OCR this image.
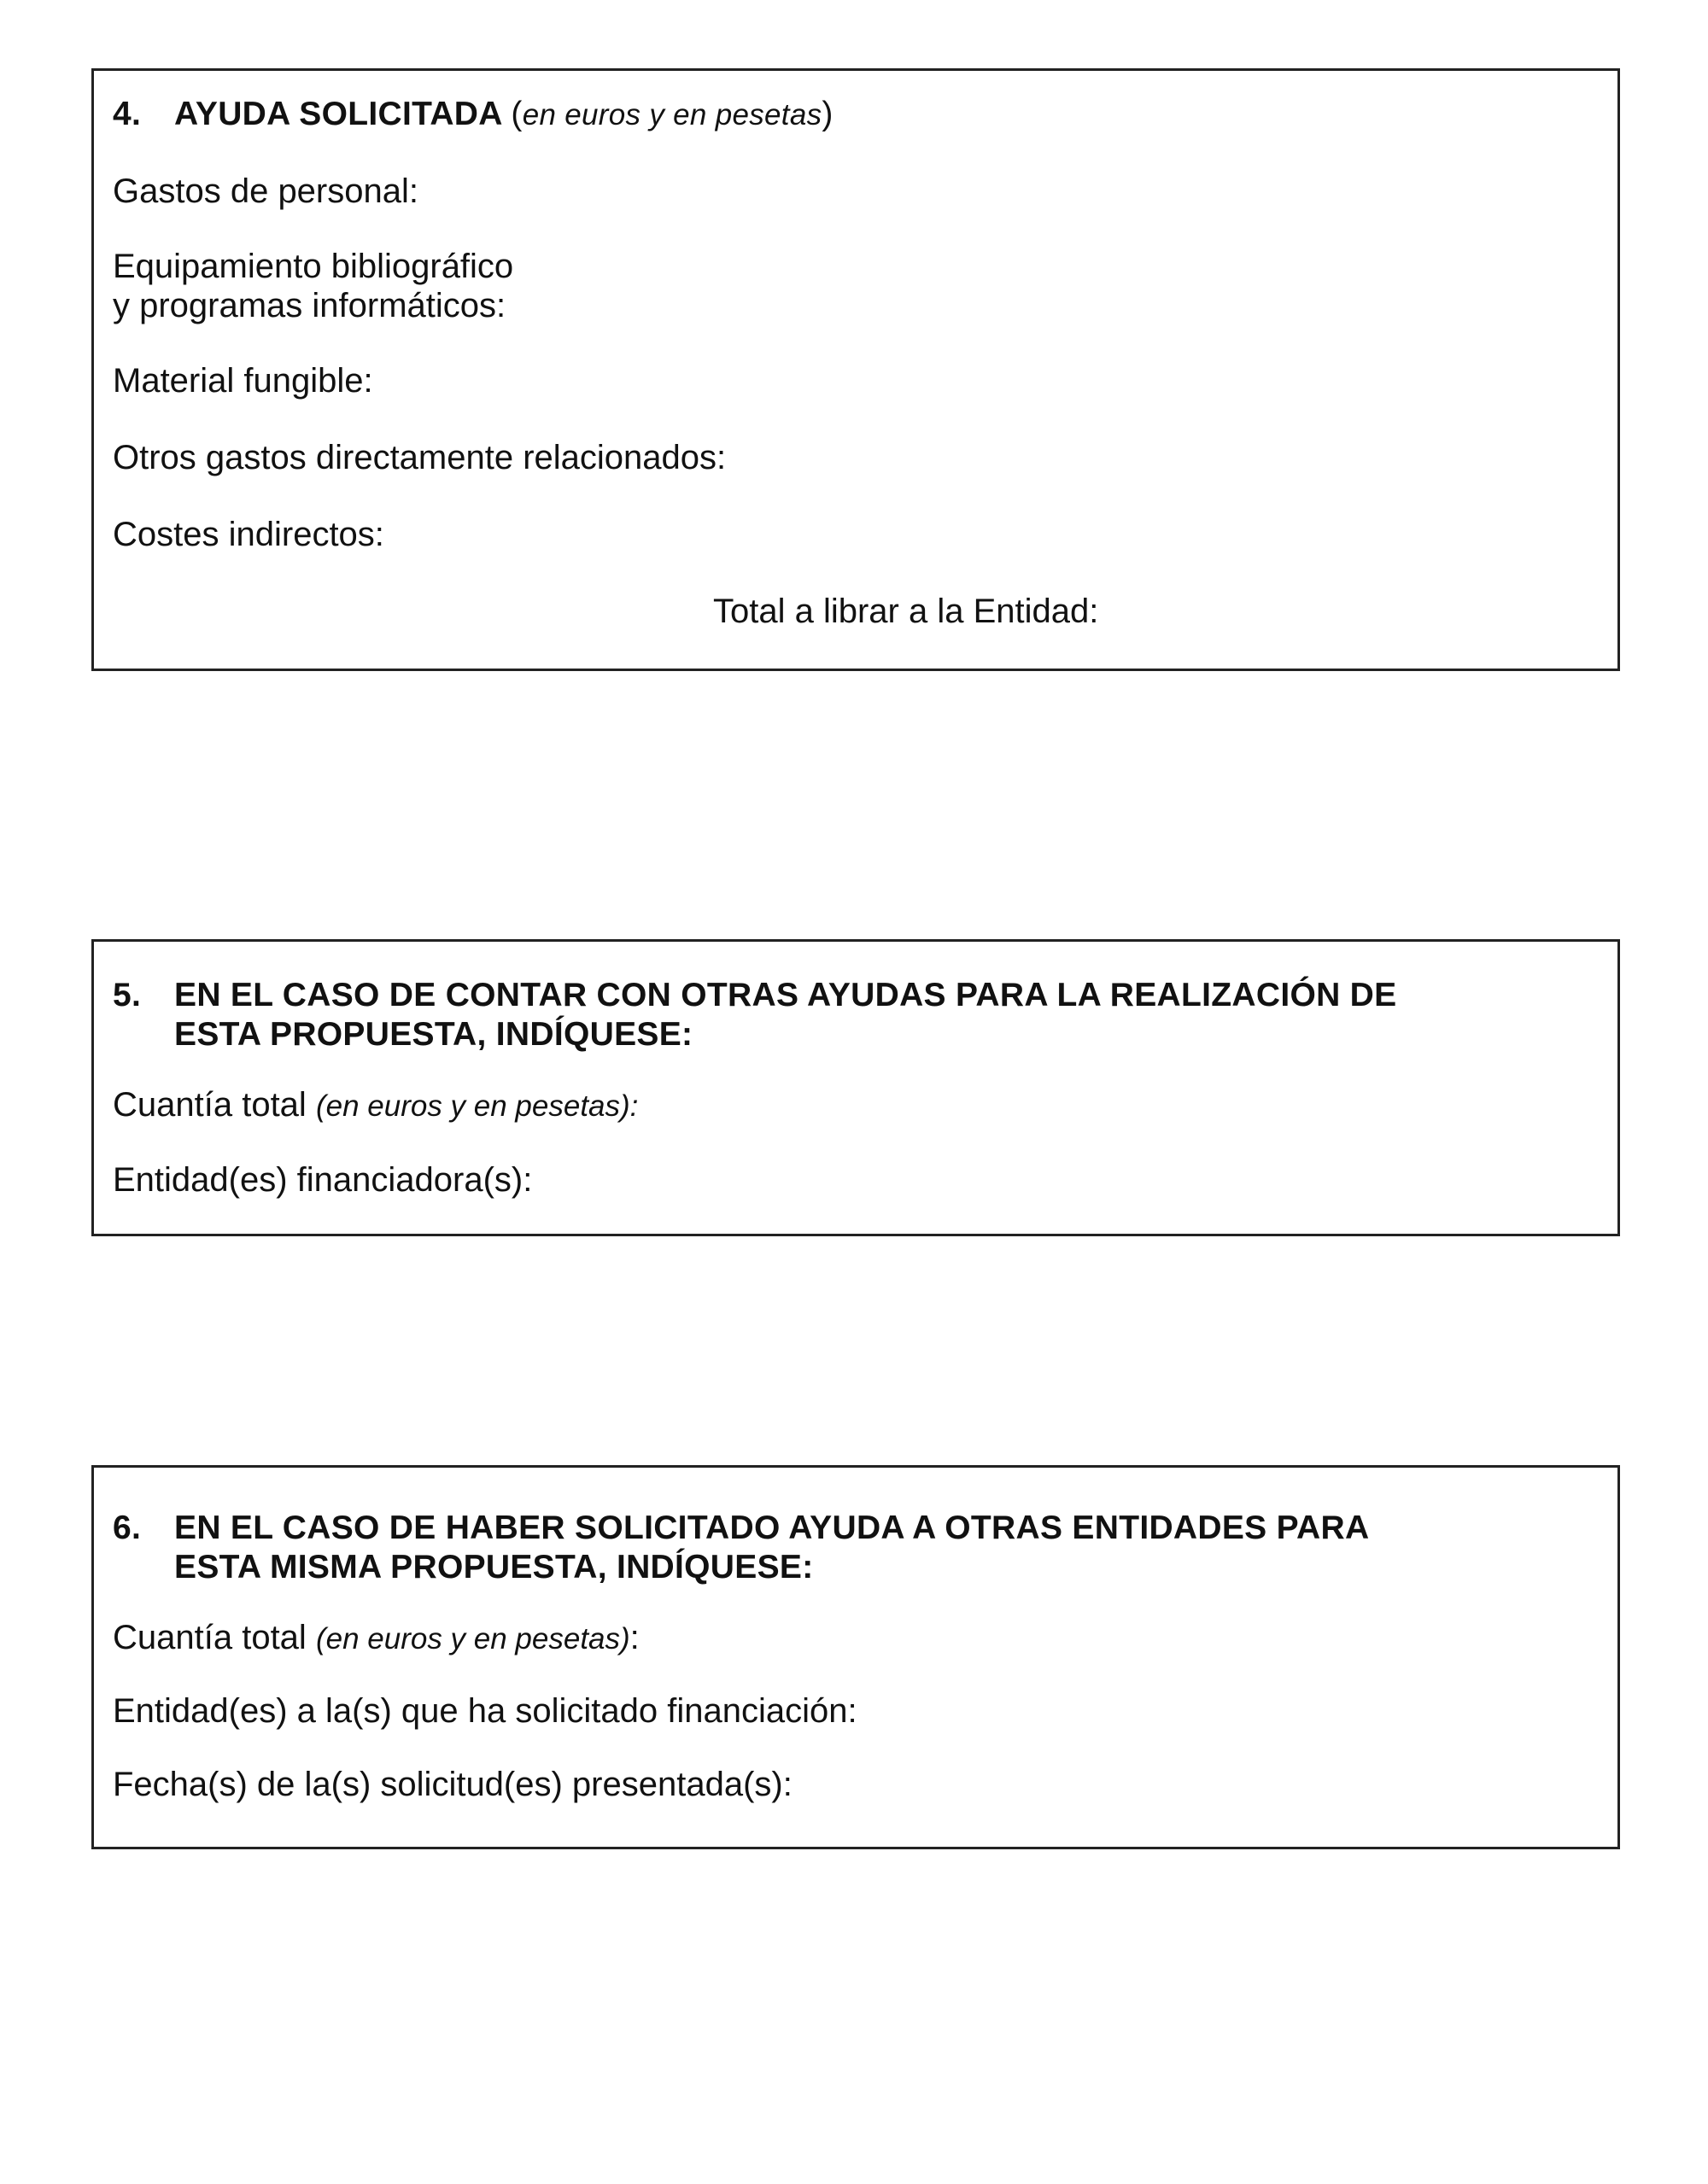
4. AYUDA SOLICITADA (en euros y en pesetas)
Gastos de personal:
Equipamiento bibliográfico
y programas informáticos:
Material fungible:
Otros gastos directamente relacionados:
Costes indirectos:
Total a librar a la Entidad:
5. EN EL CASO DE CONTAR CON OTRAS AYUDAS PARA LA REALIZACIÓN DE
ESTA PROPUESTA, INDÍQUESE:
Cuantía total (en euros y en pesetas):
Entidad(es) financiadora(s):
6. EN EL CASO DE HABER SOLICITADO AYUDA A OTRAS ENTIDADES PARA
ESTA MISMA PROPUESTA, INDÍQUESE:
Cuantía total (en euros y en pesetas):
Entidad(es) a la(s) que ha solicitado financiación:
Fecha(s) de la(s) solicitud(es) presentada(s):
